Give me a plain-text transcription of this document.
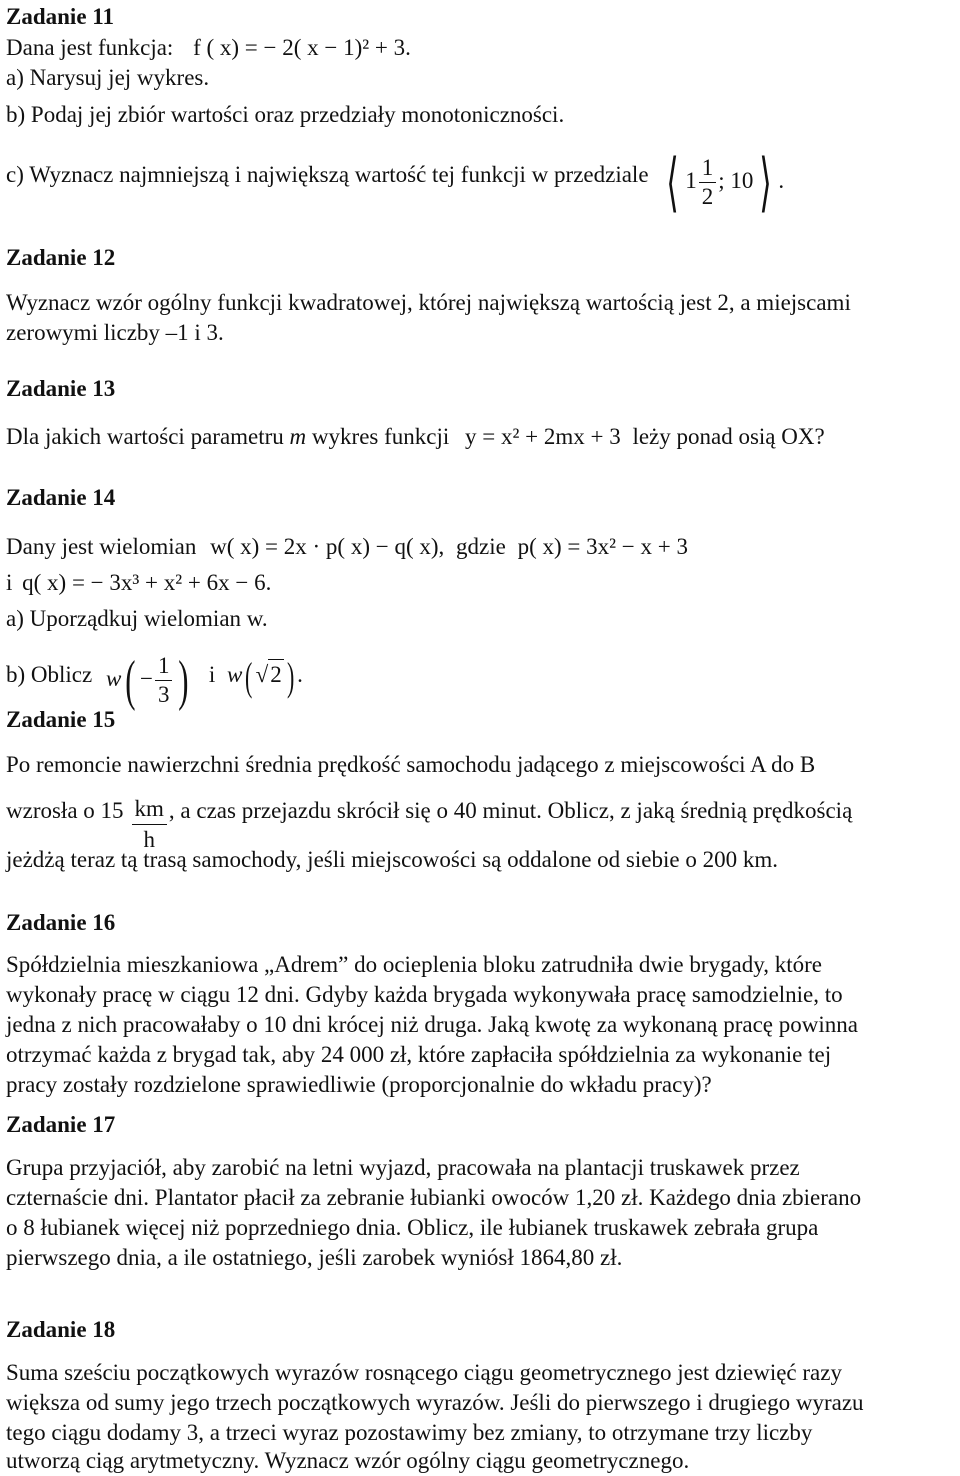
Zadanie 11
Dana jest funkcja: f ( x) = − 2( x − 1)² + 3.
a) Narysuj jej wykres.
b) Podaj jej zbiór wartości oraz przedziały monotoniczności.
c) Wyznacz najmniejszą i największą wartość tej funkcji w przedziale ⟨ $1 \frac{1}{2}$ ; 10⟩ .
Zadanie 12
Wyznacz wzór ogólny funkcji kwadratowej, której największą wartością jest 2, a miejscami
zerowymi liczby –1 i 3.
Zadanie 13
Dla jakich wartości parametru m wykres funkcji y = x² + 2mx + 3 leży ponad osią OX?
Zadanie 14
Dany jest wielomian w( x) = 2x · p( x) − q( x), gdzie p( x) = 3x² − x + 3
i q( x) = − 3x³ + x² + 6x − 6.
a) Uporządkuj wielomian w.
b) Oblicz $w( - \frac{1}{3}$ ) i w( √2 ) .
Zadanie 15
Po remoncie nawierzchni średnia prędkość samochodu jadącego z miejscowości A do B
wzrosła o $15 \frac{km}{h}$ , a czas przejazdu skrócił się o 40 minut. Oblicz, z jaką średnią prędkością
jeżdżą teraz tą trasą samochody, jeśli miejscowości są oddalone od siebie o 200 km.
Zadanie 16
Spółdzielnia mieszkaniowa „Adrem” do ocieplenia bloku zatrudniła dwie brygady, które
wykonały pracę w ciągu 12 dni. Gdyby każda brygada wykonywała pracę samodzielnie, to
jedna z nich pracowałaby o 10 dni krócej niż druga. Jaką kwotę za wykonaną pracę powinna
otrzymać każda z brygad tak, aby 24 000 zł, które zapłaciła spółdzielnia za wykonanie tej
pracy zostały rozdzielone sprawiedliwie (proporcjonalnie do wkładu pracy)?
Zadanie 17
Grupa przyjaciół, aby zarobić na letni wyjazd, pracowała na plantacji truskawek przez
czternaście dni. Plantator płacił za zebranie łubianki owoców 1,20 zł. Każdego dnia zbierano
o 8 łubianek więcej niż poprzedniego dnia. Oblicz, ile łubianek truskawek zebrała grupa
pierwszego dnia, a ile ostatniego, jeśli zarobek wyniósł 1864,80 zł.
Zadanie 18
Suma sześciu początkowych wyrazów rosnącego ciągu geometrycznego jest dziewięć razy
większa od sumy jego trzech początkowych wyrazów. Jeśli do pierwszego i drugiego wyrazu
tego ciągu dodamy 3, a trzeci wyraz pozostawimy bez zmiany, to otrzymane trzy liczby
utworzą ciąg arytmetyczny. Wyznacz wzór ogólny ciągu geometrycznego.
